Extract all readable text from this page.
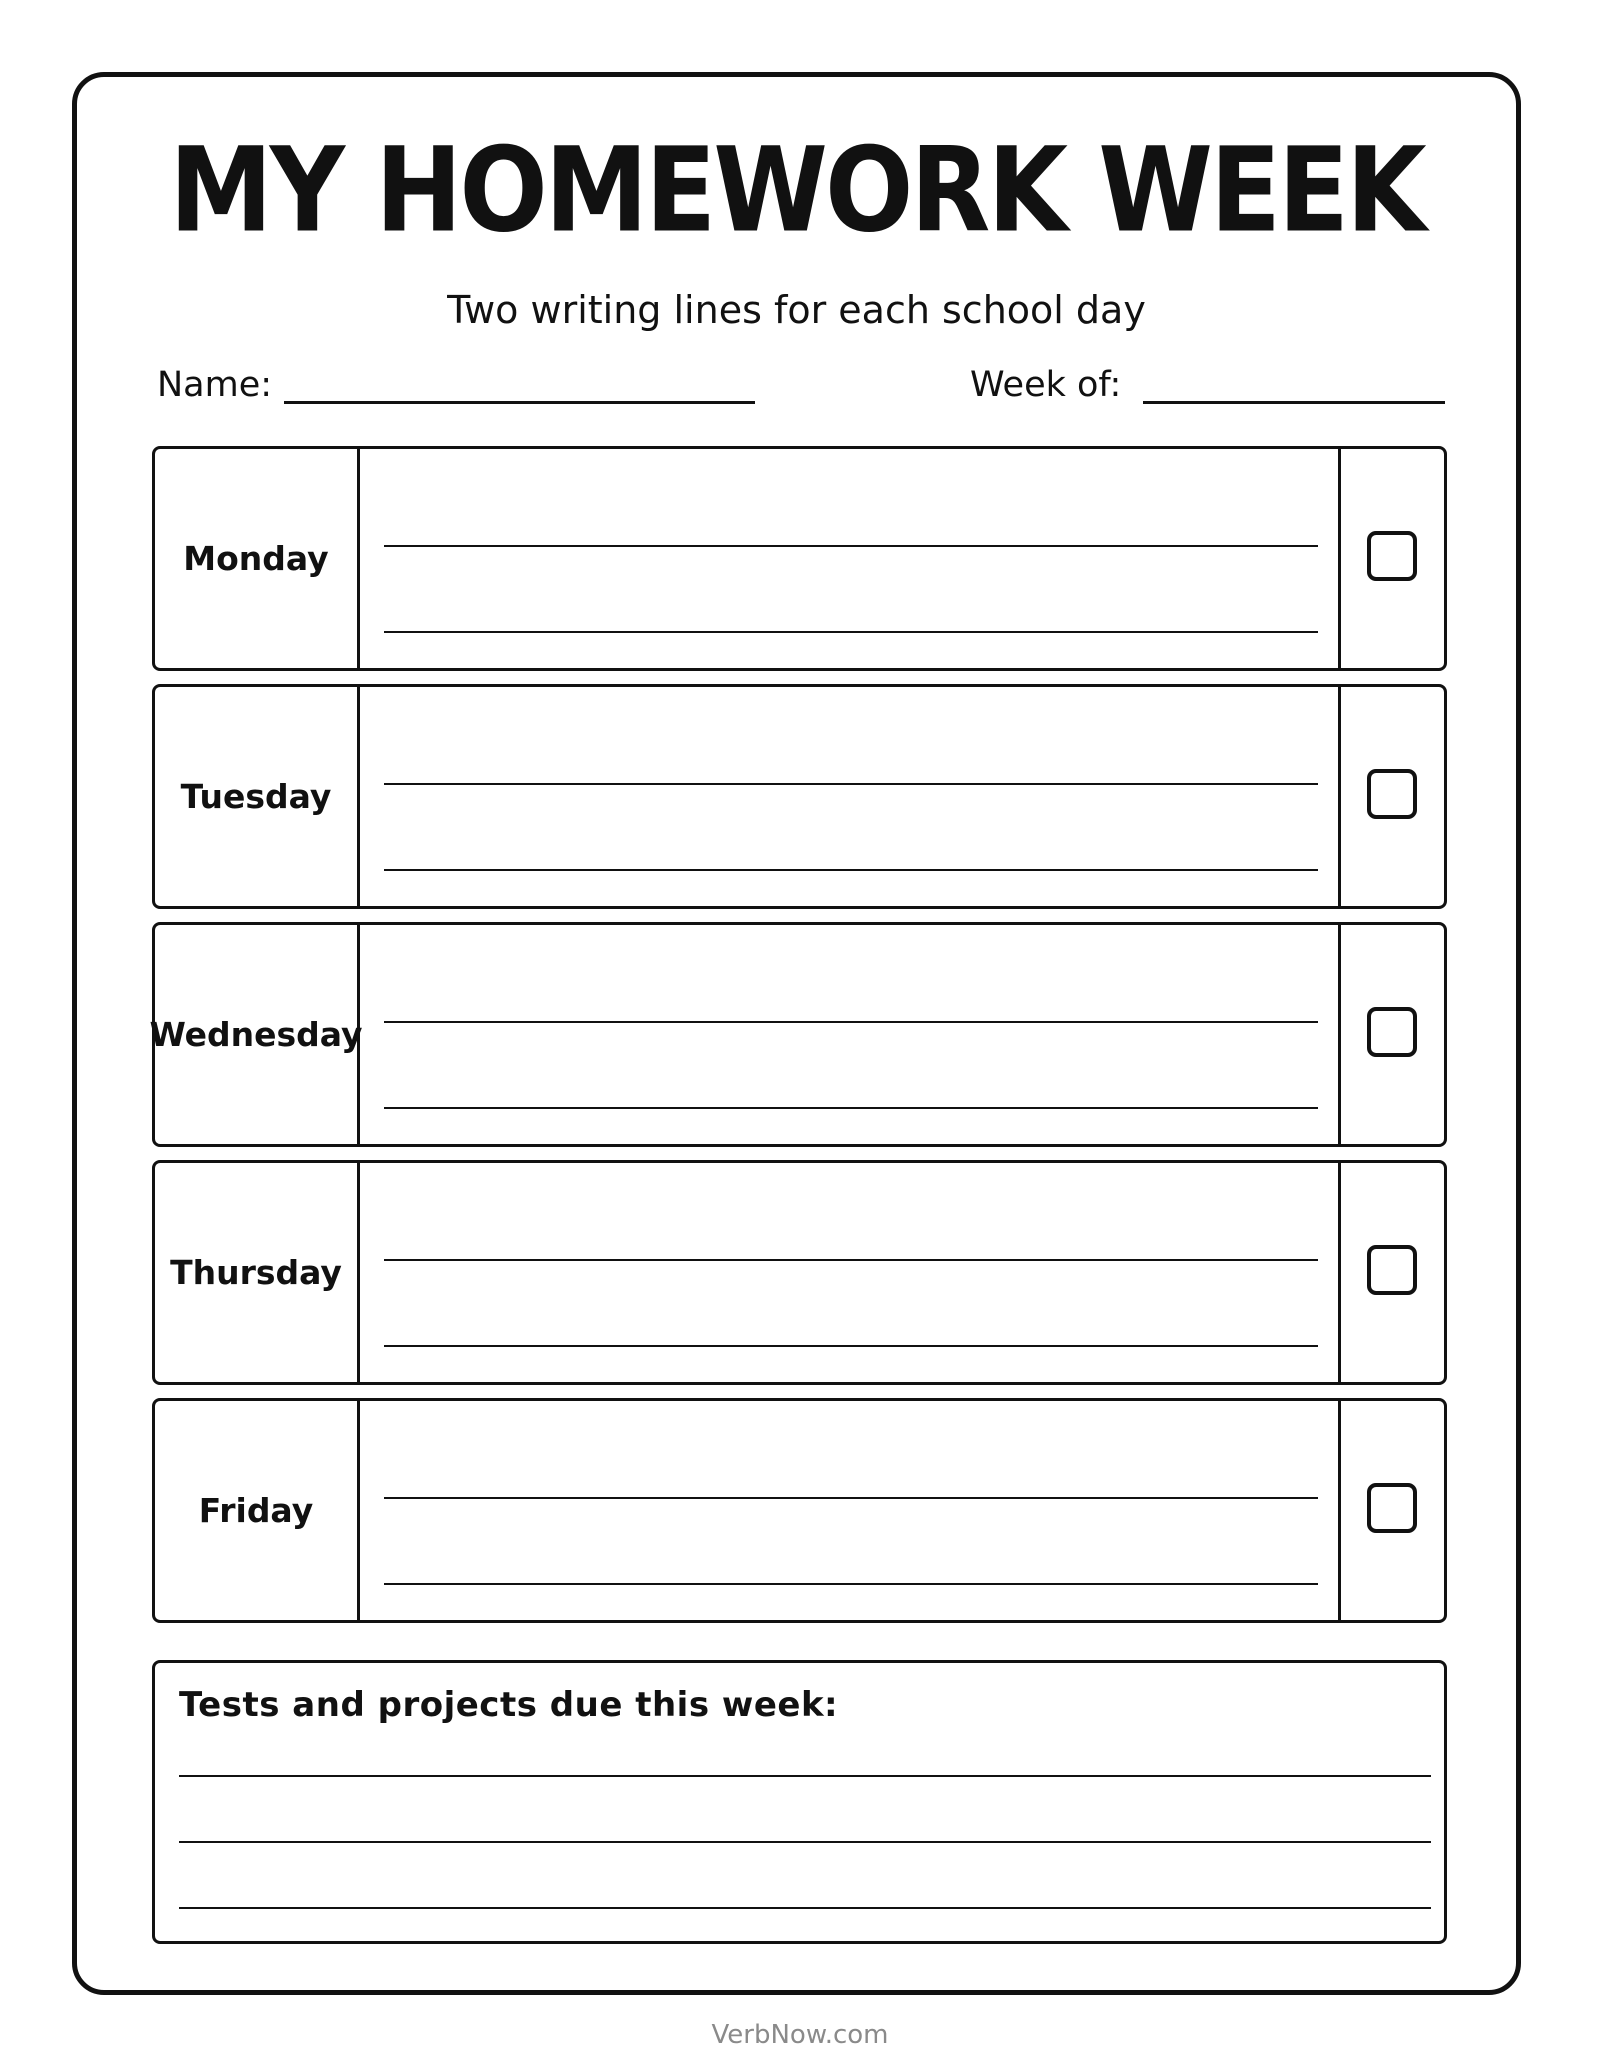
MY HOMEWORK WEEK
Two writing lines for each school day
Name:	Week of:
Monday
Tuesday
Wednesday
Thursday
Friday
Tests and projects due this week:
VerbNow.com
